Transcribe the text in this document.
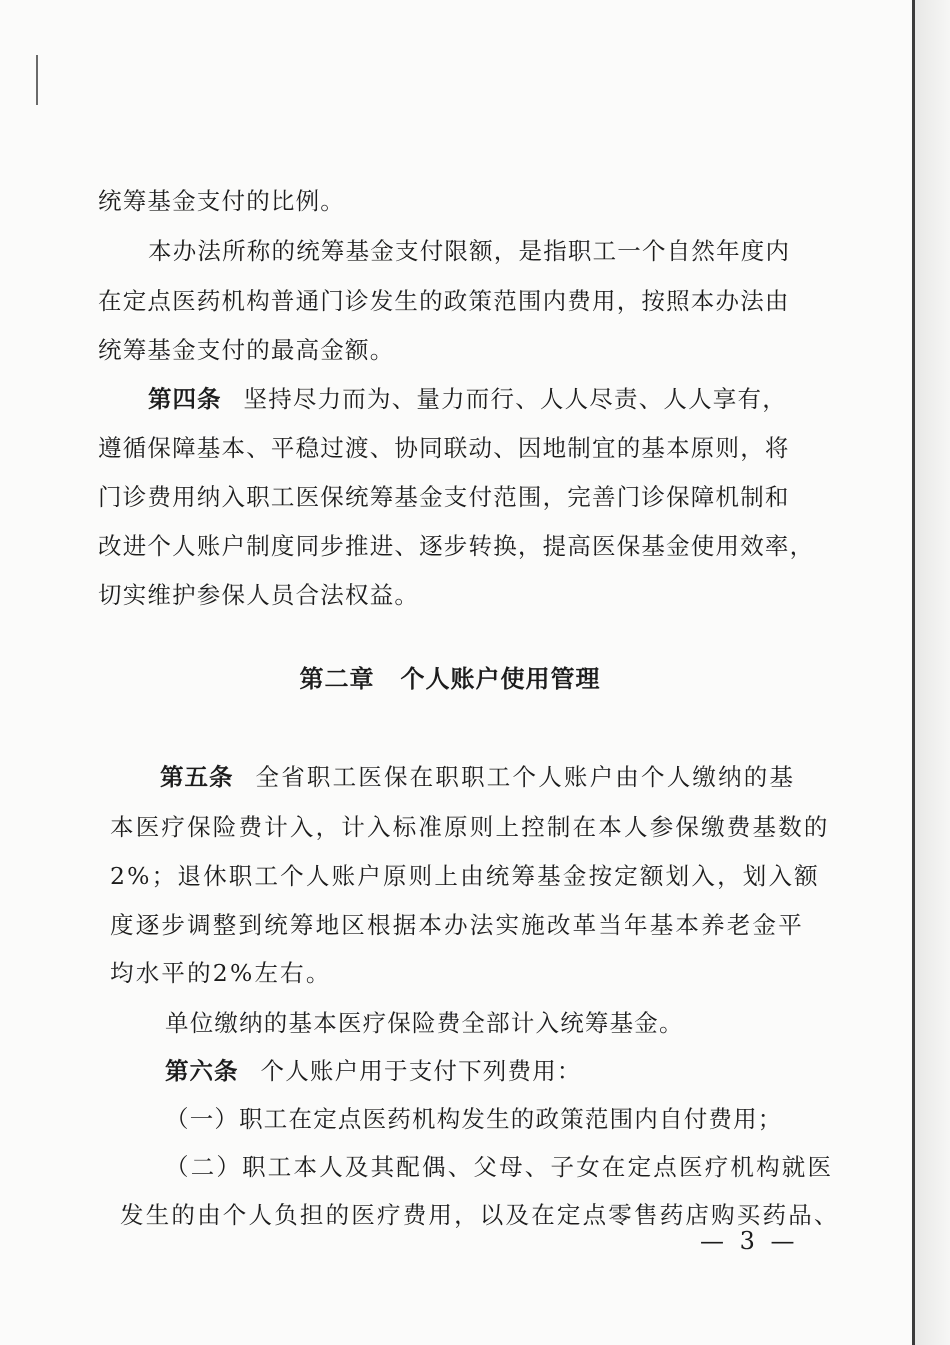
统筹基金支付的比例。
本办法所称的统筹基金支付限额，是指职工一个自然年度内
在定点医药机构普通门诊发生的政策范围内费用，按照本办法由
统筹基金支付的最高金额。
第四条 坚持尽力而为、量力而行、人人尽责、人人享有，
遵循保障基本、平稳过渡、协同联动、因地制宜的基本原则，将
门诊费用纳入职工医保统筹基金支付范围，完善门诊保障机制和
改进个人账户制度同步推进、逐步转换，提高医保基金使用效率，
切实维护参保人员合法权益。
第二章 个人账户使用管理
第五条 全省职工医保在职职工个人账户由个人缴纳的基
本医疗保险费计入，计入标准原则上控制在本人参保缴费基数的
2%；退休职工个人账户原则上由统筹基金按定额划入，划入额
度逐步调整到统筹地区根据本办法实施改革当年基本养老金平
均水平的2%左右。
单位缴纳的基本医疗保险费全部计入统筹基金。
第六条 个人账户用于支付下列费用：
（一）职工在定点医药机构发生的政策范围内自付费用；
（二）职工本人及其配偶、父母、子女在定点医疗机构就医
发生的由个人负担的医疗费用，以及在定点零售药店购买药品、
— 3 —
